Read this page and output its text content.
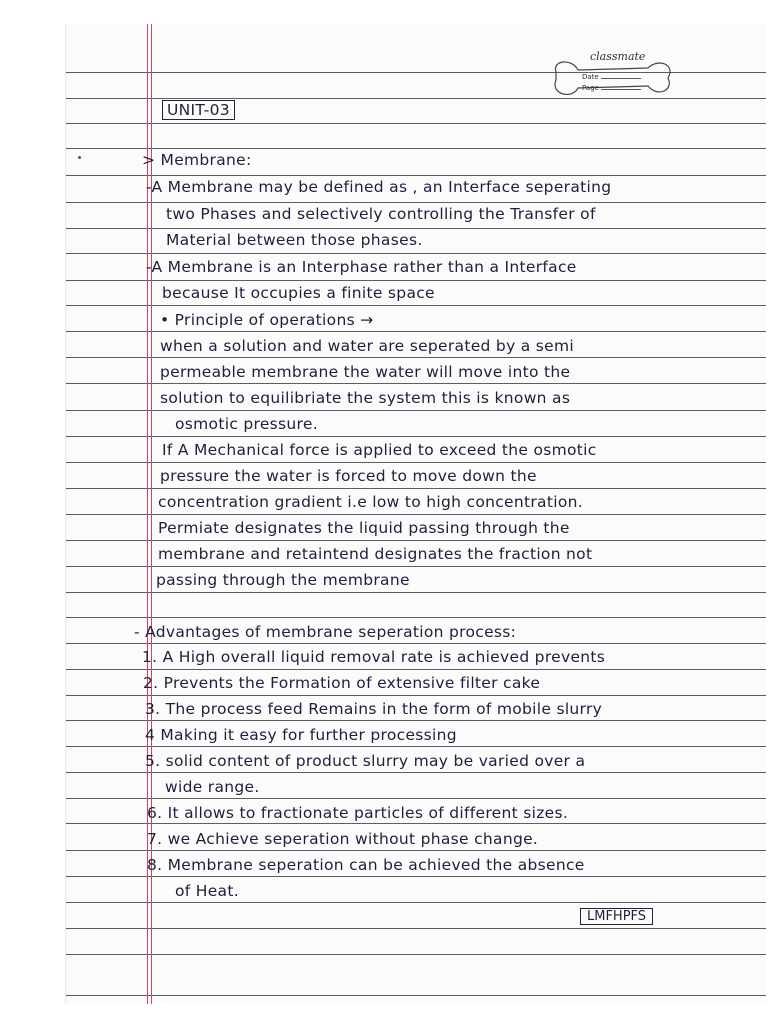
classmate
Date
Page
UNIT-03
> Membrane:
-A Membrane may be defined as , an Interface seperating
two Phases and selectively controlling the Transfer of
Material between those phases.
-A Membrane is an Interphase rather than a Interface
because It occupies a finite space
• Principle of operations →
when a solution and water are seperated by a semi
permeable membrane the water will move into the
solution to equilibriate the system this is known as
osmotic pressure.
If A Mechanical force is applied to exceed the osmotic
pressure the water is forced to move down the
concentration gradient i.e low to high concentration.
Permiate designates the liquid passing through the
membrane and retaintend designates the fraction not
passing through the membrane
- Advantages of membrane seperation process:
1. A High overall liquid removal rate is achieved prevents
2. Prevents the Formation of extensive filter cake
3. The process feed Remains in the form of mobile slurry
4 Making it easy for further processing
5. solid content of product slurry may be varied over a
wide range.
6. It allows to fractionate particles of different sizes.
7. we Achieve seperation without phase change.
8. Membrane seperation can be achieved the absence
of Heat.
LMFHPFS
